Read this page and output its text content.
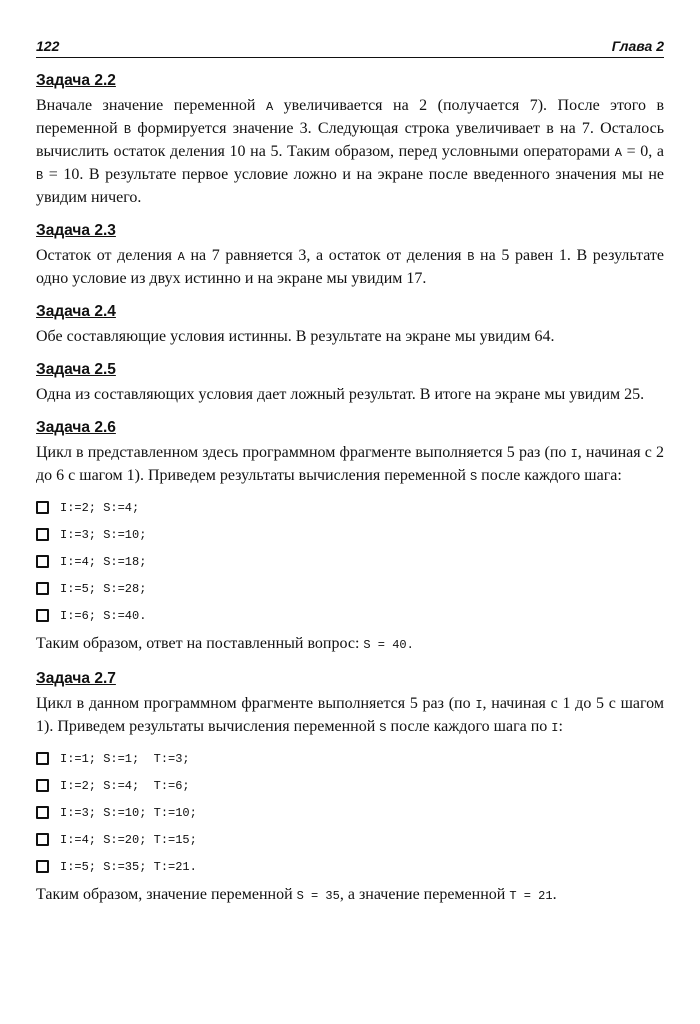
122	Глава 2
Задача 2.2

Вначале значение переменной A увеличивается на 2 (получается 7). После этого в переменной B формируется значение 3. Следующая строка увеличивает в на 7. Осталось вычислить остаток деления 10 на 5. Таким образом, перед условными операторами A = 0, а B = 10. В результате первое условие ложно и на экране после введенного значения мы не увидим ничего.

Задача 2.3

Остаток от деления A на 7 равняется 3, а остаток от деления B на 5 равен 1. В результате одно условие из двух истинно и на экране мы увидим 17.

Задача 2.4

Обе составляющие условия истинны. В результате на экране мы увидим 64.

Задача 2.5

Одна из составляющих условия дает ложный результат. В итоге на экране мы увидим 25.

Задача 2.6

Цикл в представленном здесь программном фрагменте выполняется 5 раз (по I, начиная с 2 до 6 с шагом 1). Приведем результаты вычисления переменной S после каждого шага:

I:=2; S:=4;
I:=3; S:=10;
I:=4; S:=18;
I:=5; S:=28;
I:=6; S:=40.

Таким образом, ответ на поставленный вопрос: S = 40.

Задача 2.7

Цикл в данном программном фрагменте выполняется 5 раз (по I, начиная с 1 до 5 с шагом 1). Приведем результаты вычисления переменной S после каждого шага по I:

I:=1; S:=1;  T:=3;
I:=2; S:=4;  T:=6;
I:=3; S:=10; T:=10;
I:=4; S:=20; T:=15;
I:=5; S:=35; T:=21.

Таким образом, значение переменной S = 35, а значение переменной T = 21.
